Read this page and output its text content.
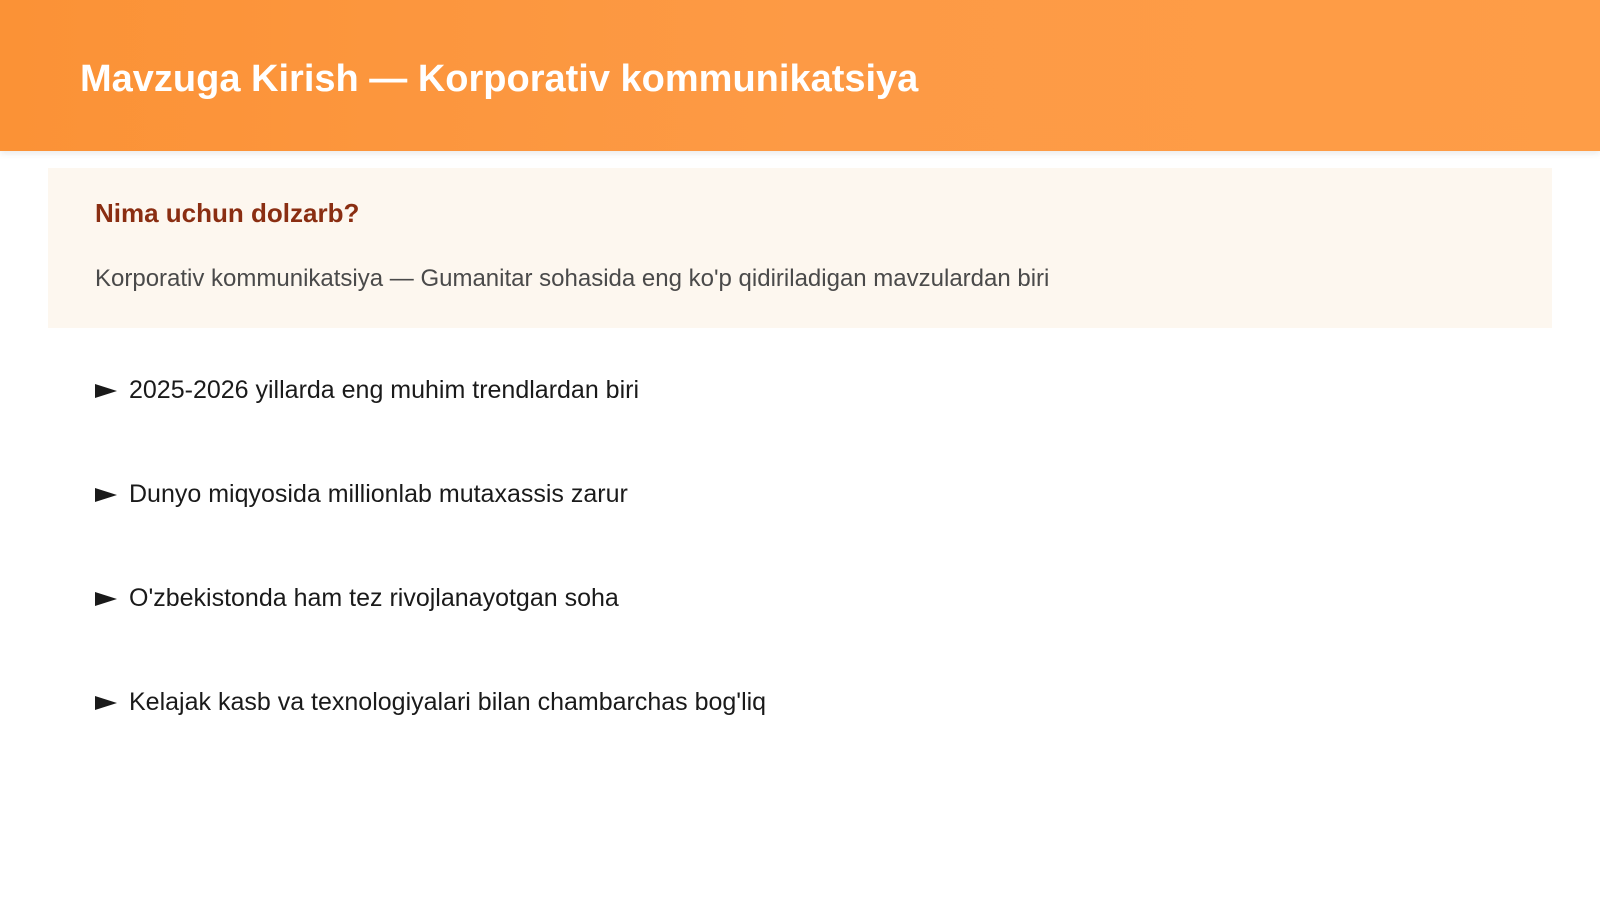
Mavzuga Kirish — Korporativ kommunikatsiya
Nima uchun dolzarb?

Korporativ kommunikatsiya — Gumanitar sohasida eng ko'p qidiriladigan mavzulardan biri

2025-2026 yillarda eng muhim trendlardan biri
Dunyo miqyosida millionlab mutaxassis zarur
O'zbekistonda ham tez rivojlanayotgan soha
Kelajak kasb va texnologiyalari bilan chambarchas bog'liq
